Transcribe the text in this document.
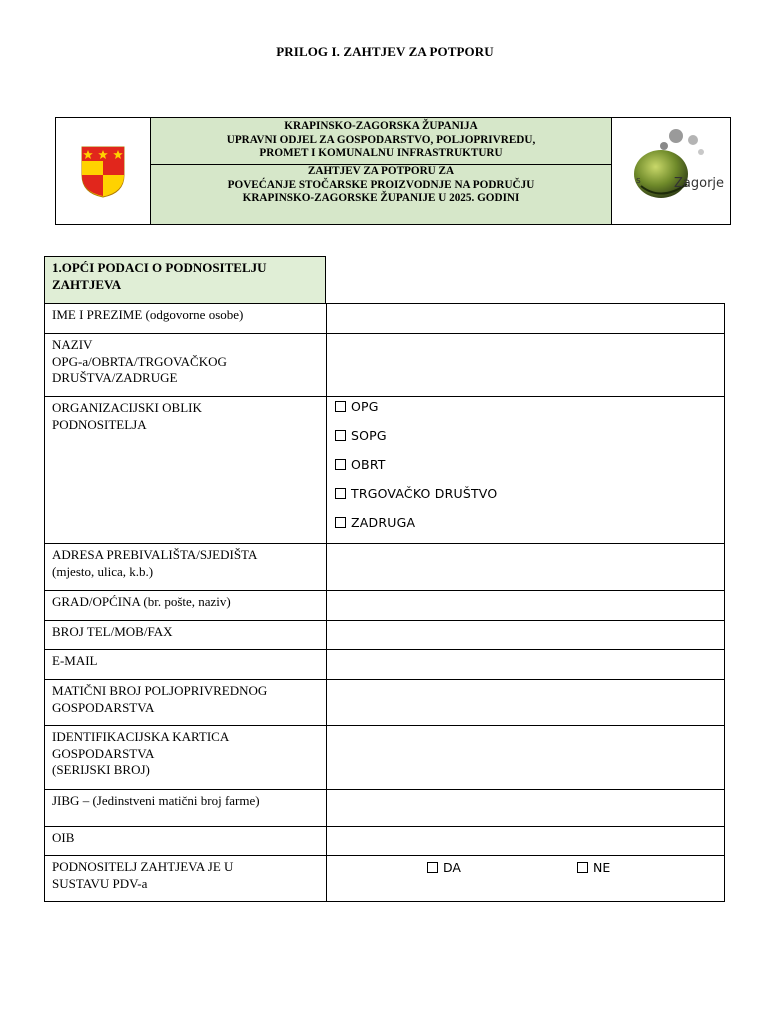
PRILOG I. ZAHTJEV ZA POTPORU
KRAPINSKO-ZAGORSKA ŽUPANIJA
UPRAVNI ODJEL ZA GOSPODARSTVO, POLJOPRIVREDU,
PROMET I KOMUNALNU INFRASTRUKTURU
ZAHTJEV ZA POTPORU ZA
POVEĆANJE STOČARSKE PROIZVODNJE NA PODRUČJU
KRAPINSKO-ZAGORSKE ŽUPANIJE U 2025. GODINI
s	Zagorje
1.OPĆI PODACI O PODNOSITELJU
ZAHTJEVA
IME I PREZIME (odgovorne osobe)
NAZIV
OPG-a/OBRTA/TRGOVAČKOG
DRUŠTVA/ZADRUGE
ORGANIZACIJSKI OBLIK
PODNOSITELJA
OPG
SOPG
OBRT
TRGOVAČKO DRUŠTVO
ZADRUGA
ADRESA PREBIVALIŠTA/SJEDIŠTA
(mjesto, ulica, k.b.)
GRAD/OPĆINA (br. pošte, naziv)
BROJ TEL/MOB/FAX
E-MAIL
MATIČNI BROJ POLJOPRIVREDNOG
GOSPODARSTVA
IDENTIFIKACIJSKA KARTICA
GOSPODARSTVA
(SERIJSKI BROJ)
JIBG – (Jedinstveni matični broj farme)
OIB
PODNOSITELJ ZAHTJEVA JE U
SUSTAVU PDV-a
DA	NE
